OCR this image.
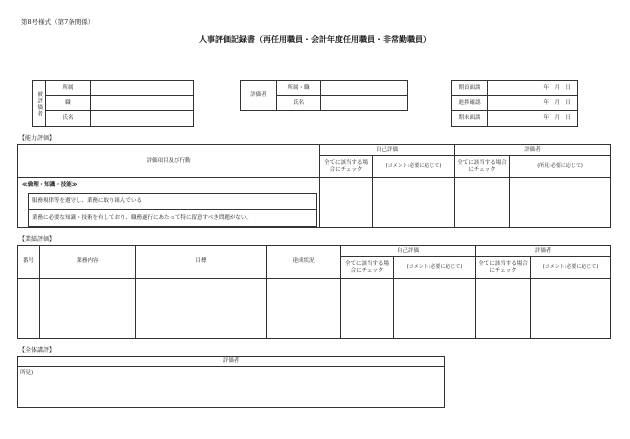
第8号様式（第7条関係）
人事評価記録書（再任用職員・会計年度任用職員・非常勤職員）
被評価者	所属	
	職	
	氏名	
評価者	所属・職	
	氏名	
期首面談	年　月　日
進捗確認	年　月　日
期末面談	年　月　日
【能力評価】
評価項目及び行動	自己評価		評価者	
	全てに該当する場合にチェック	(コメント:必要に応じて)	全てに該当する場合にチェック	(所見:必要に応じて)

≪倫理・知識・技能≫
服務規律等を遵守し、業務に取り組んでいる
業務に必要な知識・技術を有しており、職務遂行にあたって特に留意すべき問題がない。				

【業績評価】
番号	業務内容	目標	達成状況	自己評価		評価者	
				全てに該当する場合にチェック	(コメント:必要に応じて)	全てに該当する場合にチェック	(コメント:必要に応じて)

【全体講評】
評価者
所見)
